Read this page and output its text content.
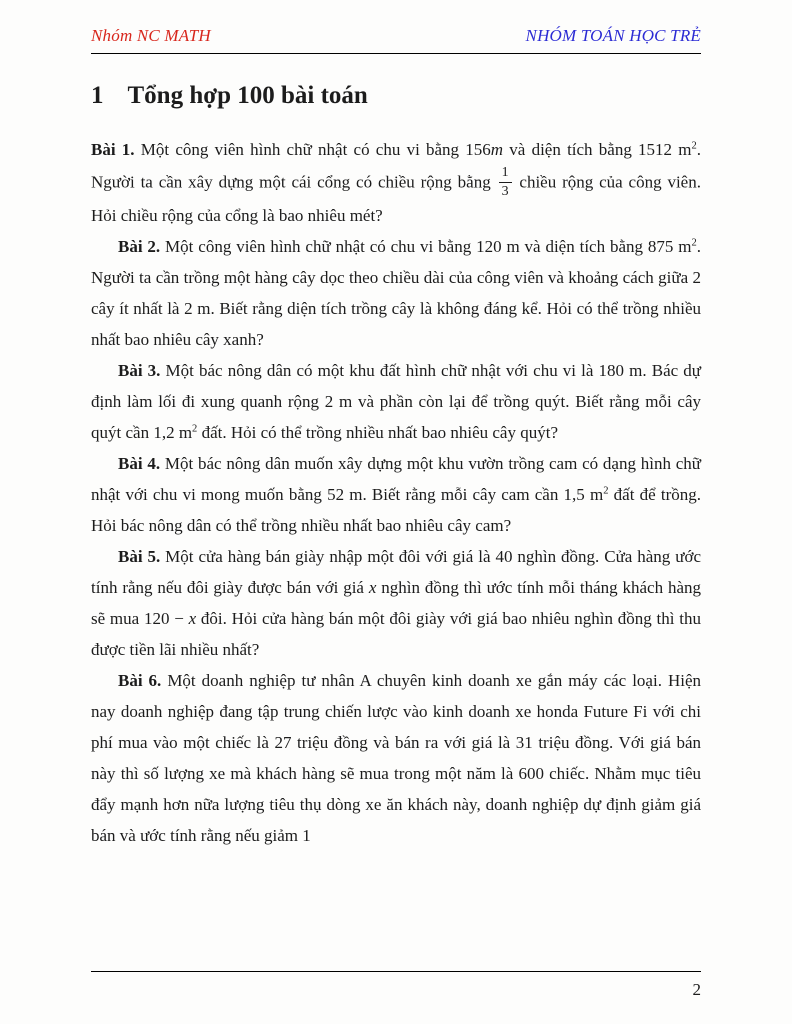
Nhóm NC MATH	NHÓM TOÁN HỌC TRẺ
1 Tổng hợp 100 bài toán

Bài 1. Một công viên hình chữ nhật có chu vi bằng 156m và diện tích bằng 1512 $m^2$. Người ta cần xây dựng một cái cổng có chiều rộng bằng $\frac{1}{3}$ chiều rộng của công viên. Hỏi chiều rộng của cổng là bao nhiêu mét?

Bài 2. Một công viên hình chữ nhật có chu vi bằng 120 m và diện tích bằng 875 $m^2$. Người ta cần trồng một hàng cây dọc theo chiều dài của công viên và khoảng cách giữa 2 cây ít nhất là 2 m. Biết rằng diện tích trồng cây là không đáng kể. Hỏi có thể trồng nhiều nhất bao nhiêu cây xanh?

Bài 3. Một bác nông dân có một khu đất hình chữ nhật với chu vi là 180 m. Bác dự định làm lối đi xung quanh rộng 2 m và phần còn lại để trồng quýt. Biết rằng mỗi cây quýt cần 1,2 $m^2$ đất. Hỏi có thể trồng nhiều nhất bao nhiêu cây quýt?

Bài 4. Một bác nông dân muốn xây dựng một khu vườn trồng cam có dạng hình chữ nhật với chu vi mong muốn bằng 52 m. Biết rằng mỗi cây cam cần 1,5 $m^2$ đất để trồng. Hỏi bác nông dân có thể trồng nhiều nhất bao nhiêu cây cam?

Bài 5. Một cửa hàng bán giày nhập một đôi với giá là 40 nghìn đồng. Cửa hàng ước tính rằng nếu đôi giày được bán với giá x nghìn đồng thì ước tính mỗi tháng khách hàng sẽ mua 120 − x đôi. Hỏi cửa hàng bán một đôi giày với giá bao nhiêu nghìn đồng thì thu được tiền lãi nhiều nhất?

Bài 6. Một doanh nghiệp tư nhân A chuyên kinh doanh xe gắn máy các loại. Hiện nay doanh nghiệp đang tập trung chiến lược vào kinh doanh xe honda Future Fi với chi phí mua vào một chiếc là 27 triệu đồng và bán ra với giá là 31 triệu đồng. Với giá bán này thì số lượng xe mà khách hàng sẽ mua trong một năm là 600 chiếc. Nhằm mục tiêu đẩy mạnh hơn nữa lượng tiêu thụ dòng xe ăn khách này, doanh nghiệp dự định giảm giá bán và ước tính rằng nếu giảm 1

2
